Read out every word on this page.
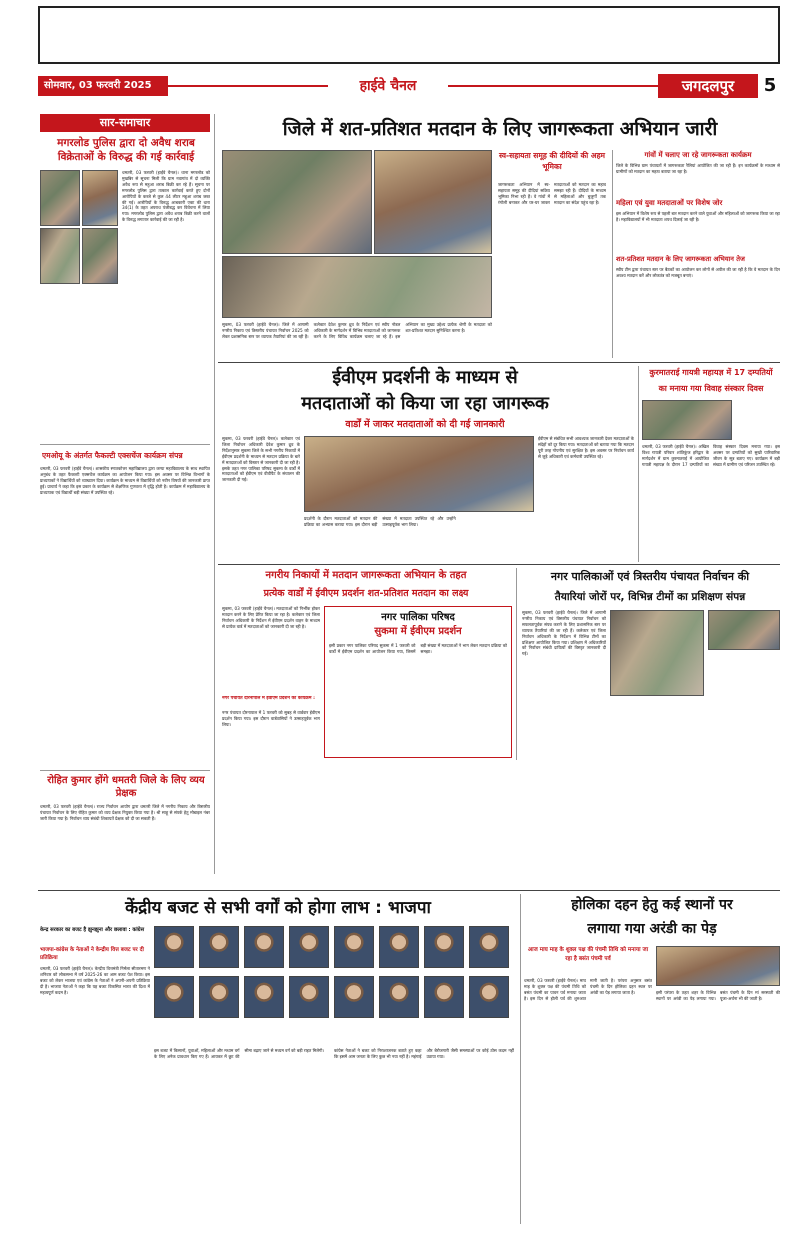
सोमवार, 03 फरवरी 2025	हाईवे चैनल	जगदलपुर	5
सार-समाचार
मगरलोड पुलिस द्वारा दो अवैध शराब विक्रेताओं के विरुद्ध की गई कार्रवाई
धमतरी, 03 फरवरी (हाईवे चैनल)। थाना मगरलोड को मुखबिर से सूचना मिली कि ग्राम नवागांव में दो व्यक्ति अवैध रूप से महुआ शराब बिक्री कर रहे हैं। सूचना पर मगरलोड पुलिस द्वारा तत्काल कार्रवाई करते हुए दोनों आरोपियों के कब्जे से कुल 44 लीटर महुआ शराब जब्त की गई। आरोपियों के विरुद्ध आबकारी एक्ट की धारा 34(1) के तहत अपराध पंजीबद्ध कर विवेचना में लिया गया। मगरलोड पुलिस द्वारा अवैध शराब बिक्री करने वालों के विरुद्ध लगातार कार्रवाई की जा रही है।
एमओयू के अंतर्गत फैकल्टी एक्सचेंज कार्यक्रम संपन्न
धमतरी, 03 फरवरी (हाईवे चैनल)। शासकीय स्नातकोत्तर महाविद्यालय द्वारा कन्या महाविद्यालय के साथ स्थापित अनुबंध के तहत फैकल्टी एक्सचेंज कार्यक्रम का आयोजन किया गया। इस अवसर पर विभिन्न विभागों के प्राध्यापकों ने विद्यार्थियों को व्याख्यान दिया। कार्यक्रम के माध्यम से विद्यार्थियों को नवीन विषयों की जानकारी प्राप्त हुई। प्राचार्य ने कहा कि इस प्रकार के कार्यक्रम से शैक्षणिक गुणवत्ता में वृद्धि होती है। कार्यक्रम में महाविद्यालय के प्राध्यापक एवं विद्यार्थी बड़ी संख्या में उपस्थित रहे।
रोहित कुमार होंगे धमतरी जिले के लिए व्यय प्रेक्षक
धमतरी, 03 फरवरी (हाईवे चैनल)। राज्य निर्वाचन आयोग द्वारा धमतरी जिले में नगरीय निकाय और त्रिस्तरीय पंचायत निर्वाचन के लिए रोहित कुमार को व्यय प्रेक्षक नियुक्त किया गया है। श्री साहू से संपर्क हेतु मोबाइल नंबर जारी किया गया है। निर्वाचन व्यय संबंधी शिकायतें प्रेक्षक को दी जा सकती हैं।
जिले में शत-प्रतिशत मतदान के लिए जागरूकता अभियान जारी
सुकमा, 03 फरवरी (हाईवे चैनल)। जिले में आगामी नगरीय निकाय एवं त्रिस्तरीय पंचायत निर्वाचन 2025 को लेकर प्रशासनिक स्तर पर व्यापक तैयारियां की जा रही हैं। कलेक्टर देवेश कुमार ध्रुव के निर्देशन एवं स्वीप नोडल अधिकारी के मार्गदर्शन में विभिन्न मतदाताओं को जागरूक करने के लिए विविध कार्यक्रम चलाए जा रहे हैं। इस अभियान का मुख्य उद्देश्य प्रत्येक श्रेणी के मतदाता को शत-प्रतिशत मतदान सुनिश्चित करना है।
स्व-सहायता समूह की दीदियों की अहम भूमिका
जागरूकता अभियान में स्व-सहायता समूह की दीदियां सक्रिय भूमिका निभा रही हैं। वे गांवों में रंगोली बनाकर और घर-घर जाकर मतदाताओं को मतदान का महत्व समझा रही हैं। दीदियों के माध्यम से महिलाओं और बुजुर्गों तक मतदान का संदेश पहुंच रहा है।
गांवों में चलाए जा रहे जागरूकता कार्यक्रम
जिले के विभिन्न ग्राम पंचायतों में जागरूकता रैलियां आयोजित की जा रही हैं। इन कार्यक्रमों के माध्यम से ग्रामीणों को मतदान का महत्व बताया जा रहा है।
महिला एवं युवा मतदाताओं पर विशेष जोर
इस अभियान में विशेष रूप से पहली बार मतदान करने वाले युवाओं और महिलाओं को जागरूक किया जा रहा है। महाविद्यालयों में भी मतदाता शपथ दिलाई जा रही है।
शत-प्रतिशत मतदान के लिए जागरूकता अभियान तेज
स्वीप टीम द्वारा पंचायत स्तर पर बैठकों का आयोजन कर लोगों से अपील की जा रही है कि वे मतदान के दिन अवश्य मतदान करें और लोकतंत्र को मजबूत बनाएं।
ईवीएम प्रदर्शनी के माध्यम से
मतदाताओं को किया जा रहा जागरूक
वार्डों में जाकर मतदाताओं को दी गई जानकारी
सुकमा, 03 फरवरी (हाईवे चैनल)। कलेक्टर एवं जिला निर्वाचन अधिकारी देवेश कुमार ध्रुव के निर्देशानुसार सुकमा जिले के सभी नगरीय निकायों में ईवीएम प्रदर्शनी के माध्यम से मतदान प्रक्रिया के बारे में मतदाताओं को विस्तार से जानकारी दी जा रही है। इसके तहत नगर पालिका परिषद सुकमा के वार्डों में मतदाताओं को ईवीएम एवं वीवीपैट के संचालन की जानकारी दी गई।
प्रदर्शनी के दौरान मतदाताओं को मतदान की प्रक्रिया का अभ्यास कराया गया। इस दौरान बड़ी संख्या में मतदाता उपस्थित रहे और उन्होंने उत्साहपूर्वक भाग लिया।
ईवीएम से संबंधित सभी आवश्यक जानकारी देकर मतदाताओं के संदेहों को दूर किया गया। मतदाताओं को बताया गया कि मतदान पूरी तरह गोपनीय एवं सुरक्षित है। इस अवसर पर निर्वाचन कार्य से जुड़े अधिकारी एवं कर्मचारी उपस्थित रहे।
कुरमातराई गायत्री महायज्ञ में 17 दम्पतियों
का मनाया गया विवाह संस्कार दिवस
धमतरी, 03 फरवरी (हाईवे चैनल)। अखिल विश्व गायत्री परिवार शांतिकुंज हरिद्वार के मार्गदर्शन में ग्राम कुरमातराई में आयोजित गायत्री महायज्ञ के दौरान 17 दम्पतियों का विवाह संस्कार दिवस मनाया गया। इस अवसर पर दम्पतियों को सुखी पारिवारिक जीवन के सूत्र बताए गए। कार्यक्रम में बड़ी संख्या में ग्रामीण एवं परिजन उपस्थित रहे।
नगरीय निकायों में मतदान जागरूकता अभियान के तहत
प्रत्येक वार्डों में ईवीएम प्रदर्शन शत-प्रतिशत मतदान का लक्ष्य
सुकमा, 03 फरवरी (हाईवे चैनल)। मतदाताओं को निर्भीक होकर मतदान करने के लिए प्रेरित किया जा रहा है। कलेक्टर एवं जिला निर्वाचन अधिकारी के निर्देशन में ईवीएम प्रदर्शन वाहन के माध्यम से प्रत्येक वार्ड में मतदाताओं को जानकारी दी जा रही है।
नगर पंचायत दोरनापाल में ईवीएम प्रदर्शन का कार्यक्रम :
नगर पंचायत दोरनापाल में 1 फरवरी को सुबह से वार्डवार ईवीएम प्रदर्शन किया गया। इस दौरान वार्डवासियों ने उत्साहपूर्वक भाग लिया।
नगर पालिका परिषद
सुकमा में ईवीएम प्रदर्शन
इसी प्रकार नगर पालिका परिषद सुकमा में 1 फरवरी को वार्डों में ईवीएम प्रदर्शन का आयोजन किया गया, जिसमें बड़ी संख्या में मतदाताओं ने भाग लेकर मतदान प्रक्रिया को समझा।
नगर पालिकाओं एवं त्रिस्तरीय पंचायत निर्वाचन की
तैयारियां जोरों पर, विभिन्न टीमों का प्रशिक्षण संपन्न
सुकमा, 03 फरवरी (हाईवे चैनल)। जिले में आगामी नगरीय निकाय एवं त्रिस्तरीय पंचायत निर्वाचन को सफलतापूर्वक संपन्न कराने के लिए प्रशासनिक स्तर पर व्यापक तैयारियां की जा रही हैं। कलेक्टर एवं जिला निर्वाचन अधिकारी के निर्देशन में विभिन्न टीमों का प्रशिक्षण आयोजित किया गया। प्रशिक्षण में अधिकारियों को निर्वाचन संबंधी दायित्वों की विस्तृत जानकारी दी गई।
केंद्रीय बजट से सभी वर्गों को होगा लाभ : भाजपा
केन्द्र सरकार का बजट है झुनझुना और छलावा : कांग्रेस
भाजपा-कांग्रेस के नेताओं ने केन्द्रीय वित्त बजट पर दी प्रतिक्रिया
धमतरी, 03 फरवरी (हाईवे चैनल)। केन्द्रीय वित्तमंत्री निर्मला सीतारमण ने शनिवार को लोकसभा में वर्ष 2025-26 का आम बजट पेश किया। इस बजट को लेकर भाजपा एवं कांग्रेस के नेताओं ने अपनी-अपनी प्रतिक्रिया दी है। भाजपा नेताओं ने कहा कि यह बजट विकसित भारत की दिशा में महत्वपूर्ण कदम है।
इस बजट में किसानों, युवाओं, महिलाओं और मध्यम वर्ग के लिए अनेक प्रावधान किए गए हैं। आयकर में छूट की सीमा बढ़ाए जाने से मध्यम वर्ग को बड़ी राहत मिलेगी।	कांग्रेस नेताओं ने बजट को निराशाजनक बताते हुए कहा कि इसमें आम जनता के लिए कुछ भी नया नहीं है। महंगाई और बेरोजगारी जैसी समस्याओं पर कोई ठोस कदम नहीं उठाया गया।
होलिका दहन हेतु कई स्थानों पर
लगाया गया अरंडी का पेड़
आज माघ माह के शुक्ल पक्ष की पंचमी तिथि को मनाया जा रहा है बसंत पंचमी पर्व
धमतरी, 03 फरवरी (हाईवे चैनल)। माघ माह के शुक्ल पक्ष की पंचमी तिथि को बसंत पंचमी का पावन पर्व मनाया जाता है। इस दिन से होली पर्व की शुरुआत मानी जाती है। परंपरा अनुसार बसंत पंचमी के दिन होलिका दहन स्थल पर अरंडी का पेड़ लगाया जाता है।	इसी परंपरा के तहत शहर के विभिन्न स्थानों पर अरंडी का पेड़ लगाया गया। बसंत पंचमी के दिन मां सरस्वती की पूजा-अर्चना भी की जाती है।
